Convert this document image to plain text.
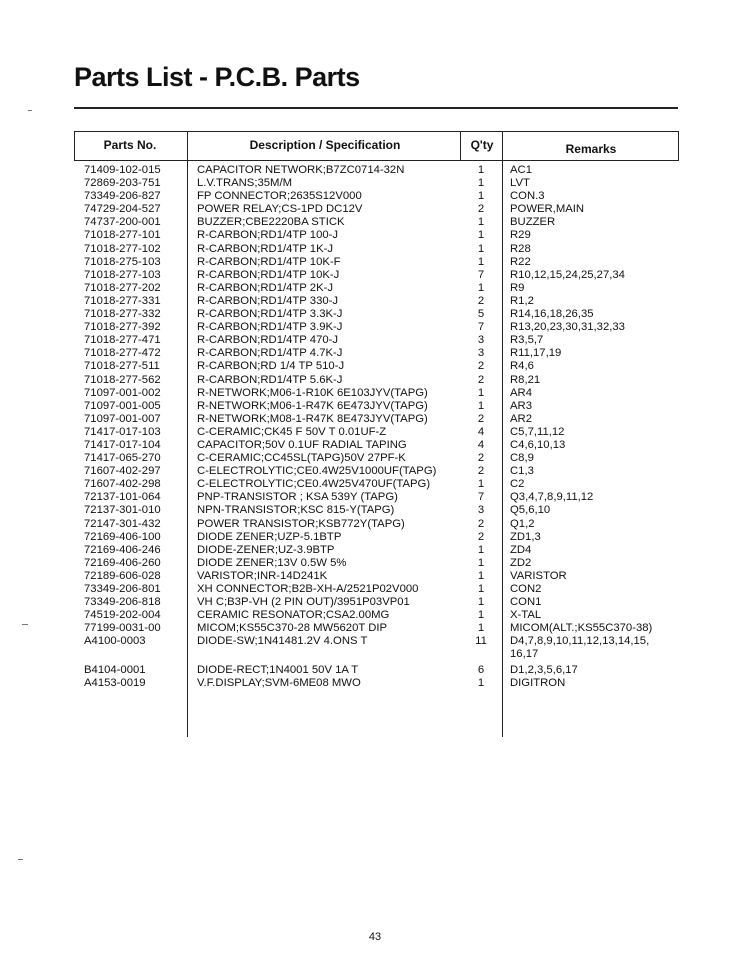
Parts List - P.C.B. Parts
Parts No.	Description / Specification	Q'ty	Remarks
71409-102-015	CAPACITOR NETWORK;B7ZC0714-32N	1	AC1
72869-203-751	L.V.TRANS;35M/M	1	LVT
73349-206-827	FP CONNECTOR;2635S12V000	1	CON.3
74729-204-527	POWER RELAY;CS-1PD DC12V	2	POWER,MAIN
74737-200-001	BUZZER;CBE2220BA STICK	1	BUZZER
71018-277-101	R-CARBON;RD1/4TP 100-J	1	R29
71018-277-102	R-CARBON;RD1/4TP 1K-J	1	R28
71018-275-103	R-CARBON;RD1/4TP 10K-F	1	R22
71018-277-103	R-CARBON;RD1/4TP 10K-J	7	R10,12,15,24,25,27,34
71018-277-202	R-CARBON;RD1/4TP 2K-J	1	R9
71018-277-331	R-CARBON;RD1/4TP 330-J	2	R1,2
71018-277-332	R-CARBON;RD1/4TP 3.3K-J	5	R14,16,18,26,35
71018-277-392	R-CARBON;RD1/4TP 3.9K-J	7	R13,20,23,30,31,32,33
71018-277-471	R-CARBON;RD1/4TP 470-J	3	R3,5,7
71018-277-472	R-CARBON;RD1/4TP 4.7K-J	3	R11,17,19
71018-277-511	R-CARBON;RD 1/4 TP 510-J	2	R4,6
71018-277-562	R-CARBON;RD1/4TP 5.6K-J	2	R8,21
71097-001-002	R-NETWORK;M06-1-R10K 6E103JYV(TAPG)	1	AR4
71097-001-005	R-NETWORK;M06-1-R47K 6E473JYV(TAPG)	1	AR3
71097-001-007	R-NETWORK;M08-1-R47K 8E473JYV(TAPG)	2	AR2
71417-017-103	C-CERAMIC;CK45 F 50V T 0.01UF-Z	4	C5,7,11,12
71417-017-104	CAPACITOR;50V 0.1UF RADIAL TAPING	4	C4,6,10,13
71417-065-270	C-CERAMIC;CC45SL(TAPG)50V 27PF-K	2	C8,9
71607-402-297	C-ELECTROLYTIC;CE0.4W25V1000UF(TAPG)	2	C1,3
71607-402-298	C-ELECTROLYTIC;CE0.4W25V470UF(TAPG)	1	C2
72137-101-064	PNP-TRANSISTOR ; KSA 539Y (TAPG)	7	Q3,4,7,8,9,11,12
72137-301-010	NPN-TRANSISTOR;KSC 815-Y(TAPG)	3	Q5,6,10
72147-301-432	POWER TRANSISTOR;KSB772Y(TAPG)	2	Q1,2
72169-406-100	DIODE ZENER;UZP-5.1BTP	2	ZD1,3
72169-406-246	DIODE-ZENER;UZ-3.9BTP	1	ZD4
72169-406-260	DIODE ZENER;13V 0.5W 5%	1	ZD2
72189-606-028	VARISTOR;INR-14D241K	1	VARISTOR
73349-206-801	XH CONNECTOR;B2B-XH-A/2521P02V000	1	CON2
73349-206-818	VH C;B3P-VH (2 PIN OUT)/3951P03VP01	1	CON1
74519-202-004	CERAMIC RESONATOR;CSA2.00MG	1	X-TAL
77199-0031-00	MICOM;KS55C370-28 MW5620T DIP	1	MICOM(ALT.;KS55C370-38)
A4100-0003	DIODE-SW;1N41481.2V 4.ONS T	11	D4,7,8,9,10,11,12,13,14,15,
16,17
B4104-0001	DIODE-RECT;1N4001 50V 1A T	6	D1,2,3,5,6,17
A4153-0019	V.F.DISPLAY;SVM-6ME08 MWO	1	DIGITRON
43
